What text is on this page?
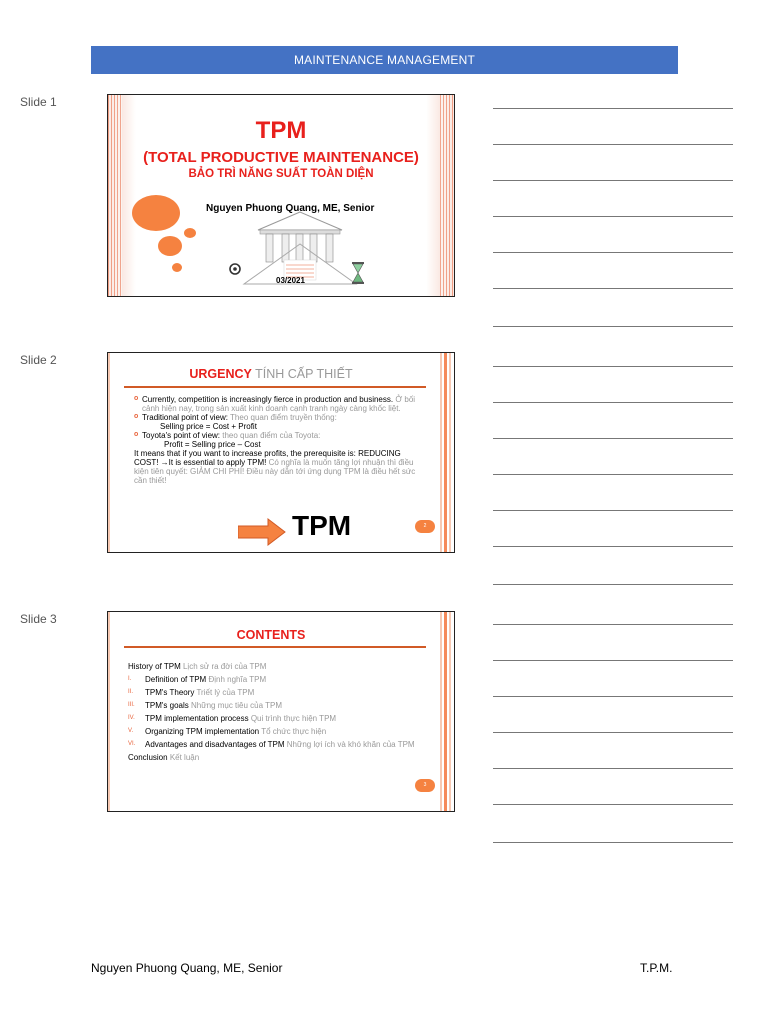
MAINTENANCE MANAGEMENT
Slide 1
TPM
(TOTAL PRODUCTIVE MAINTENANCE)
BẢO TRÌ NĂNG SUẤT TOÀN DIỆN
Nguyen Phuong Quang, ME, Senior
03/2021
Slide 2
URGENCY TÍNH CẤP THIẾT
o Currently, competition is increasingly fierce in production and business. Ở bối cảnh hiện nay, trong sản xuất kinh doanh cạnh tranh ngày càng khốc liệt.
o Traditional point of view: Theo quan điểm truyền thống:
Selling price = Cost + Profit
o Toyota's point of view: theo quan điểm của Toyota:
Profit = Selling price – Cost
It means that if you want to increase profits, the prerequisite is: REDUCING COST! →It is essential to apply TPM! Có nghĩa là muốn tăng lợi nhuận thì điều kiện tiên quyết: GIẢM CHI PHÍ! Điều này dẫn tới ứng dụng TPM là điều hết sức cần thiết!
TPM	2
Slide 3
CONTENTS
History of TPM Lịch sử ra đời của TPM
I. Definition of TPM Định nghĩa TPM
II. TPM's Theory Triết lý của TPM
III. TPM's goals Những mục tiêu của TPM
IV. TPM implementation process Qui trình thực hiện TPM
V. Organizing TPM implementation Tổ chức thực hiện
VI. Advantages and disadvantages of TPM Những lợi ích và khó khăn của TPM
Conclusion Kết luận
3
Nguyen Phuong Quang, ME, Senior	T.P.M.
